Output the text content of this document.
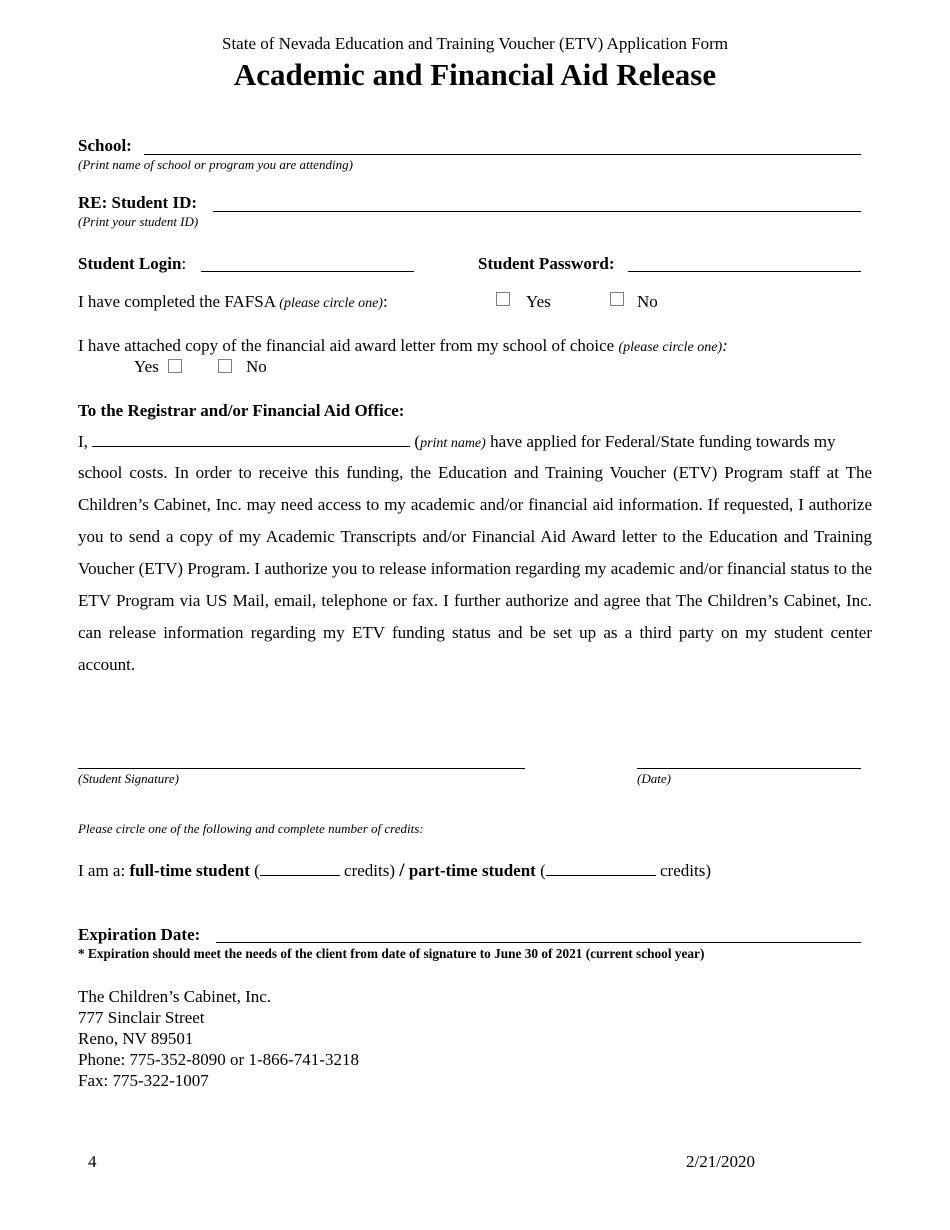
State of Nevada Education and Training Voucher (ETV) Application Form
Academic and Financial Aid Release
School:
(Print name of school or program you are attending)
RE: Student ID:
(Print your student ID)
Student Login:	Student Password:
I have completed the FAFSA (please circle one):	Yes	No
I have attached copy of the financial aid award letter from my school of choice (please circle one):
Yes	No
To the Registrar and/or Financial Aid Office:
I,	(print name) have applied for Federal/State funding towards my
school costs. In order to receive this funding, the Education and Training Voucher (ETV) Program staff at The Children’s Cabinet, Inc. may need access to my academic and/or financial aid information. If requested, I authorize you to send a copy of my Academic Transcripts and/or Financial Aid Award letter to the Education and Training Voucher (ETV) Program. I authorize you to release information regarding my academic and/or financial status to the ETV Program via US Mail, email, telephone or fax. I further authorize and agree that The Children’s Cabinet, Inc. can release information regarding my ETV funding status and be set up as a third party on my student center account.
(Student Signature)	(Date)
Please circle one of the following and complete number of credits:
I am a: full-time student (	credits) / part-time student (	credits)
Expiration Date:
* Expiration should meet the needs of the client from date of signature to June 30 of 2021 (current school year)
The Children’s Cabinet, Inc.
777 Sinclair Street
Reno, NV 89501
Phone: 775-352-8090 or 1-866-741-3218
Fax: 775-322-1007
4	2/21/2020
